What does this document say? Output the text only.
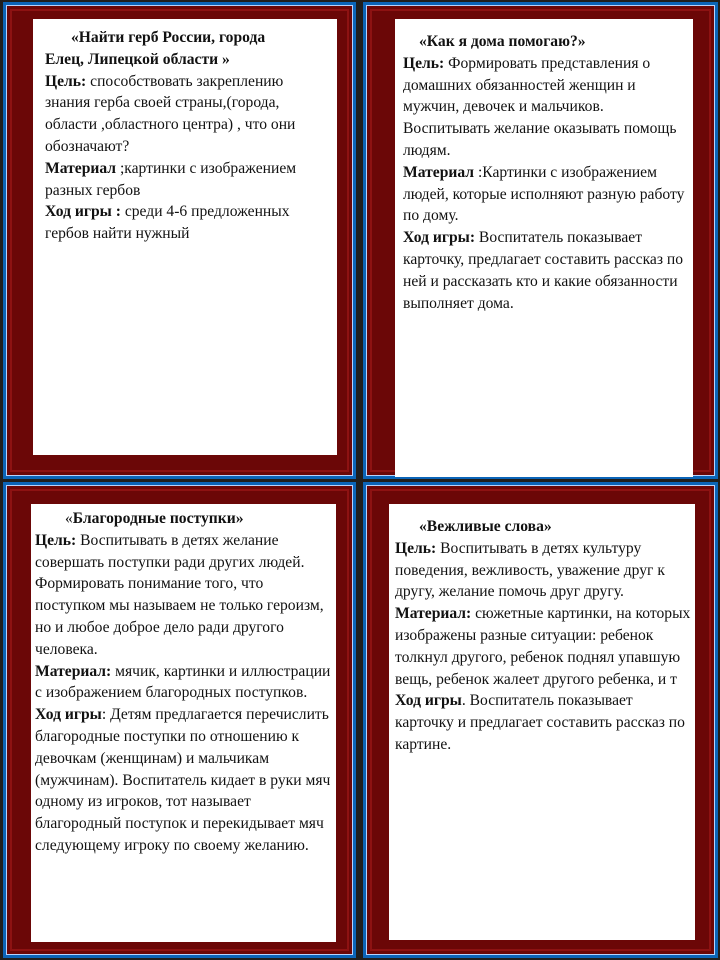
«Найти герб России, города

Елец, Липецкой области »

Цель: способствовать закреплению знания герба своей страны,(города, области ,областного центра) , что они обозначают?

Материал ;картинки с изображением разных гербов

Ход игры : среди 4-6 предложенных гербов найти нужный

«Как я дома помогаю?»

Цель: Формировать представления о домашних обязанностей женщин и мужчин, девочек и мальчиков. Воспитывать желание оказывать помощь людям.

Материал :Картинки с изображением людей, которые исполняют разную работу по дому.

Ход игры: Воспитатель показывает карточку, предлагает составить рассказ по ней и рассказать кто и какие обязанности выполняет дома.

«Благородные поступки»

Цель: Воспитывать в детях желание совершать поступки ради других людей. Формировать понимание того, что поступком мы называем не только героизм, но и любое доброе дело ради другого человека.

Материал: мячик, картинки и иллюстрации с изображением благородных поступков.

Ход игры: Детям предлагается перечислить благородные поступки по отношению к девочкам (женщинам) и мальчикам (мужчинам). Воспитатель кидает в руки мяч одному из игроков, тот называет благородный поступок и перекидывает мяч следующему игроку по своему желанию.

«Вежливые слова»

Цель: Воспитывать в детях культуру поведения, вежливость, уважение друг к другу, желание помочь друг другу.

Материал: сюжетные картинки, на которых изображены разные ситуации: ребенок толкнул другого, ребенок поднял упавшую вещь, ребенок жалеет другого ребенка, и т

Ход игры. Воспитатель показывает карточку и предлагает составить рассказ по картине.
